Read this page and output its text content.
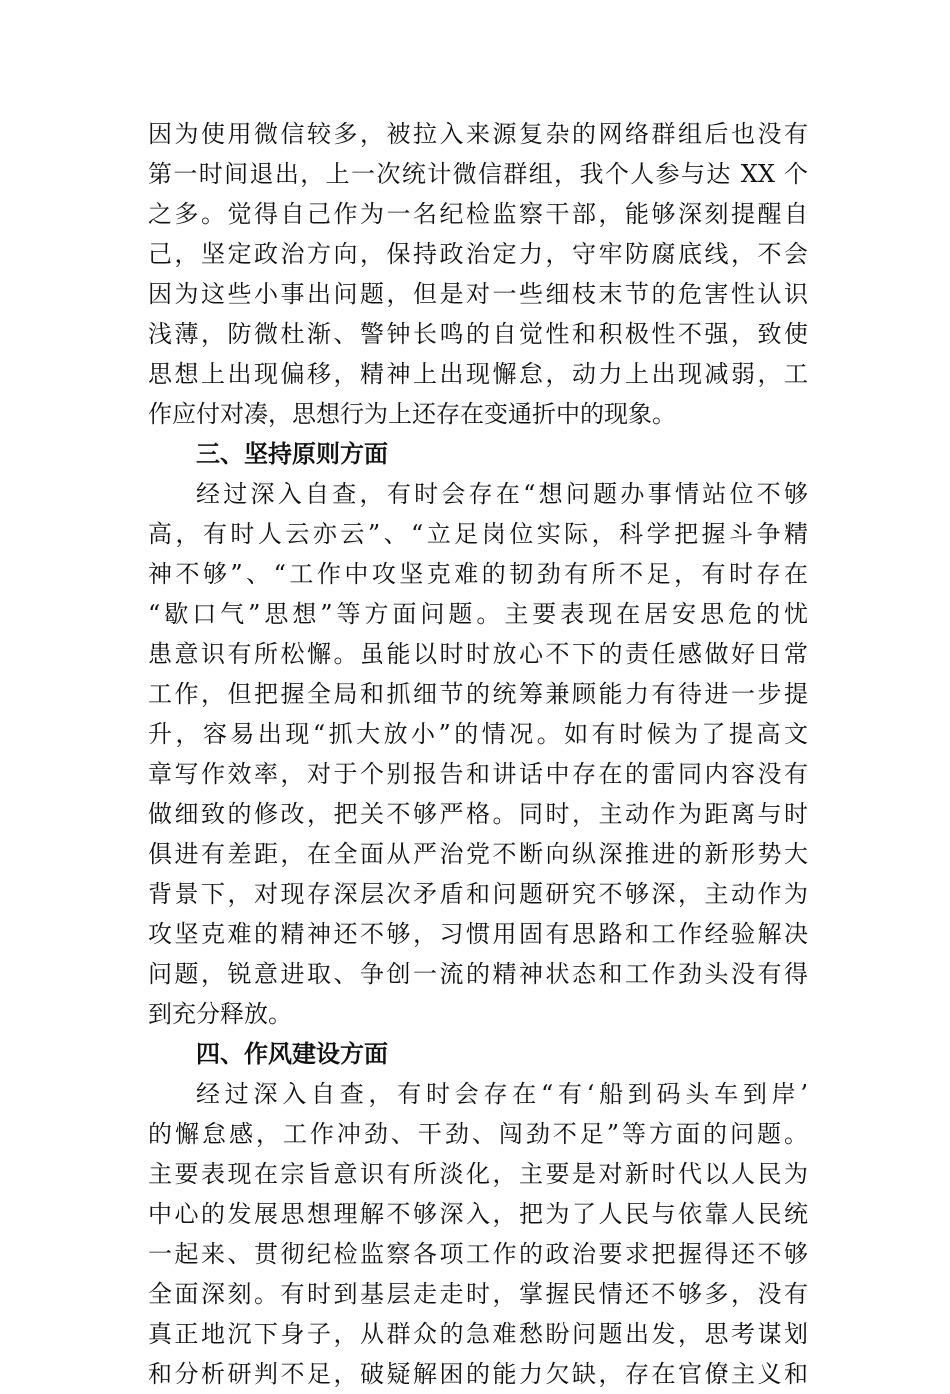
因为使用微信较多，被拉入来源复杂的网络群组后也没有
第一时间退出，上一次统计微信群组，我个人参与达 XX 个
之多。觉得自己作为一名纪检监察干部，能够深刻提醒自
己，坚定政治方向，保持政治定力，守牢防腐底线，不会
因为这些小事出问题，但是对一些细枝末节的危害性认识
浅薄，防微杜渐、警钟长鸣的自觉性和积极性不强，致使
思想上出现偏移，精神上出现懈怠，动力上出现减弱，工
作应付对凑，思想行为上还存在变通折中的现象。
三、坚持原则方面
经过深入自查，有时会存在“想问题办事情站位不够
高，有时人云亦云”、“立足岗位实际，科学把握斗争精
神不够”、“工作中攻坚克难的韧劲有所不足，有时存在
“歇口气”思想”等方面问题。主要表现在居安思危的忧
患意识有所松懈。虽能以时时放心不下的责任感做好日常
工作，但把握全局和抓细节的统筹兼顾能力有待进一步提
升，容易出现“抓大放小”的情况。如有时候为了提高文
章写作效率，对于个别报告和讲话中存在的雷同内容没有
做细致的修改，把关不够严格。同时，主动作为距离与时
俱进有差距，在全面从严治党不断向纵深推进的新形势大
背景下，对现存深层次矛盾和问题研究不够深，主动作为
攻坚克难的精神还不够，习惯用固有思路和工作经验解决
问题，锐意进取、争创一流的精神状态和工作劲头没有得
到充分释放。
四、作风建设方面
经过深入自查，有时会存在“有‘船到码头车到岸’
的懈怠感，工作冲劲、干劲、闯劲不足”等方面的问题。
主要表现在宗旨意识有所淡化，主要是对新时代以人民为
中心的发展思想理解不够深入，把为了人民与依靠人民统
一起来、贯彻纪检监察各项工作的政治要求把握得还不够
全面深刻。有时到基层走走时，掌握民情还不够多，没有
真正地沉下身子，从群众的急难愁盼问题出发，思考谋划
和分析研判不足，破疑解困的能力欠缺，存在官僚主义和
